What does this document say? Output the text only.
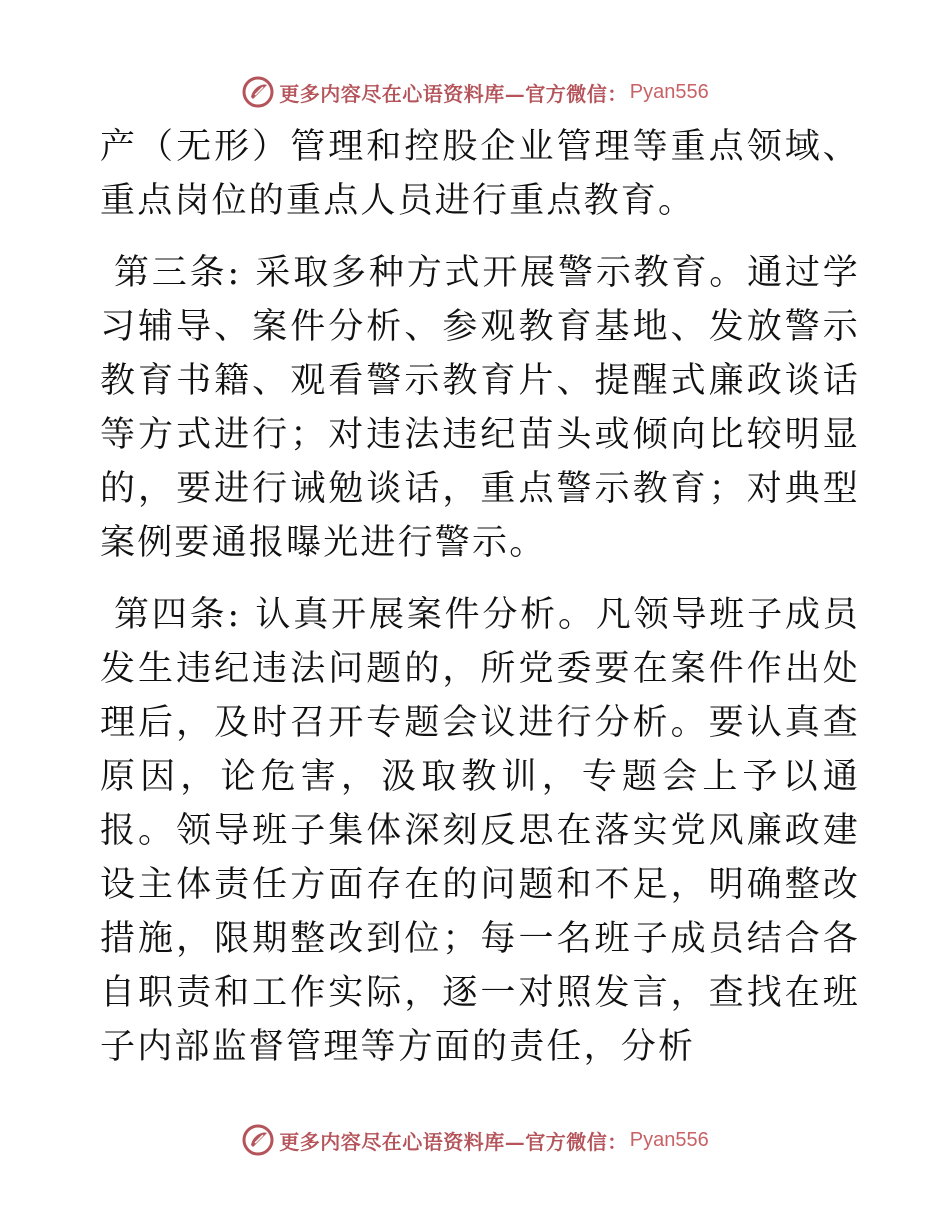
更多内容尽在心语资料库—官方微信： Pyan556

产（无形）管理和控股企业管理等重点领域、重点岗位的重点人员进行重点教育。

第三条: 采取多种方式开展警示教育。通过学习辅导、案件分析、参观教育基地、发放警示教育书籍、观看警示教育片、提醒式廉政谈话等方式进行；对违法违纪苗头或倾向比较明显的，要进行诫勉谈话，重点警示教育；对典型案例要通报曝光进行警示。

第四条: 认真开展案件分析。凡领导班子成员发生违纪违法问题的，所党委要在案件作出处理后，及时召开专题会议进行分析。要认真查原因，论危害，汲取教训，专题会上予以通报。领导班子集体深刻反思在落实党风廉政建设主体责任方面存在的问题和不足，明确整改措施，限期整改到位；每一名班子成员结合各自职责和工作实际，逐一对照发言，查找在班子内部监督管理等方面的责任，分析

更多内容尽在心语资料库—官方微信： Pyan556
